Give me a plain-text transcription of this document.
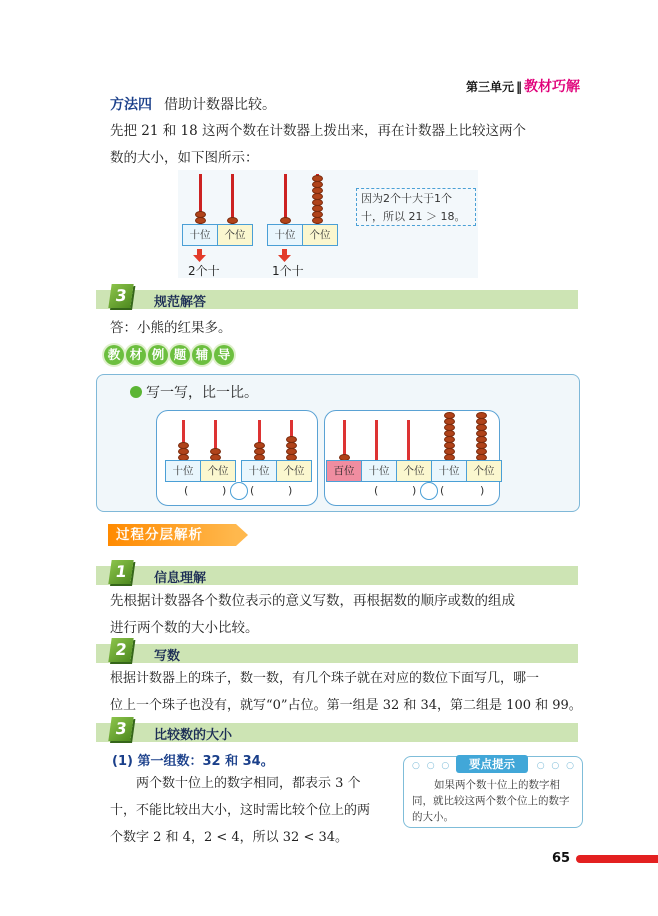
第三单元 ‖ 教材巧解
方法四 借助计数器比较。
先把 21 和 18 这两个数在计数器上拨出来，再在计数器上比较这两个
数的大小，如下图所示：
十位	个位
2个十
十位	个位
1个十
因为2个十大于1个
十，所以 21 ＞ 18。
3	规范解答
答：小熊的红果多。
教 材 例 题 辅 导
写一写，比一比。
十位	个位 十位	个位
(	) (	)
百位	十位	个位 十位	个位
(	) (	)
过程分层解析
1	信息理解
先根据计数器各个数位表示的意义写数，再根据数的顺序或数的组成
进行两个数的大小比较。
2	写数
根据计数器上的珠子，数一数，有几个珠子就在对应的数位下面写几，哪一
位上一个珠子也没有，就写“0”占位。第一组是 32 和 34，第二组是 100 和 99。
3	比较数的大小
(1) 第一组数：32 和 34。
两个数十位上的数字相同，都表示 3 个
十，不能比较出大小，这时需比较个位上的两
个数字 2 和 4，2 < 4，所以 32 < 34。
○ ○ ○	要点提示	○ ○ ○
如果两个数十位上的数字相同，就比较这两个数个位上的数字的大小。
65
